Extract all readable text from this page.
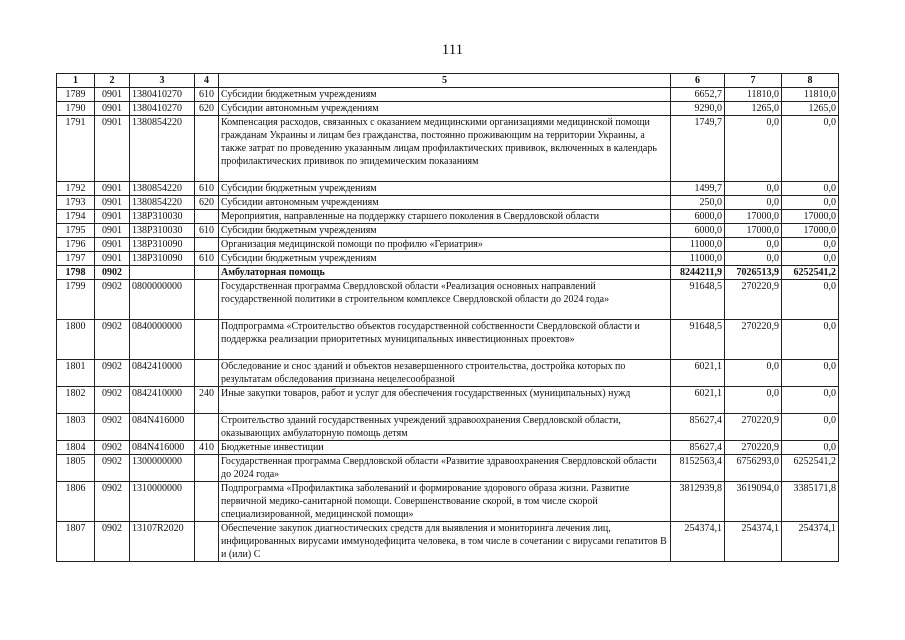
111
1	2	3	4	5	6	7	8
1789	0901	1380410270	610	Субсидии бюджетным учреждениям	6652,7	11810,0	11810,0
1790	0901	1380410270	620	Субсидии автономным учреждениям	9290,0	1265,0	1265,0
1791	0901	1380854220		Компенсация расходов, связанных с оказанием медицинскими организациями медицинской помощи гражданам Украины и лицам без гражданства, постоянно проживающим на территории Украины, а также затрат по проведению указанным лицам профилактических прививок, включенных в календарь профилактических прививок по эпидемическим показаниям	1749,7	0,0	0,0
1792	0901	1380854220	610	Субсидии бюджетным учреждениям	1499,7	0,0	0,0
1793	0901	1380854220	620	Субсидии автономным учреждениям	250,0	0,0	0,0
1794	0901	138P310030		Мероприятия, направленные на поддержку старшего поколения в Свердловской области	6000,0	17000,0	17000,0
1795	0901	138P310030	610	Субсидии бюджетным учреждениям	6000,0	17000,0	17000,0
1796	0901	138P310090		Организация медицинской помощи по профилю «Гериатрия»	11000,0	0,0	0,0
1797	0901	138P310090	610	Субсидии бюджетным учреждениям	11000,0	0,0	0,0
1798	0902			Амбулаторная помощь	8244211,9	7026513,9	6252541,2
1799	0902	0800000000		Государственная программа Свердловской области «Реализация основных направлений государственной политики в строительном комплексе Свердловской области до 2024 года»	91648,5	270220,9	0,0
1800	0902	0840000000		Подпрограмма «Строительство объектов государственной собственности Свердловской области и поддержка реализации приоритетных муниципальных инвестиционных проектов»	91648,5	270220,9	0,0
1801	0902	0842410000		Обследование и снос зданий и объектов незавершенного строительства, достройка которых по результатам обследования признана нецелесообразной	6021,1	0,0	0,0
1802	0902	0842410000	240	Иные закупки товаров, работ и услуг для обеспечения государственных (муниципальных) нужд	6021,1	0,0	0,0
1803	0902	084N416000		Строительство зданий государственных учреждений здравоохранения Свердловской области, оказывающих амбулаторную помощь детям	85627,4	270220,9	0,0
1804	0902	084N416000	410	Бюджетные инвестиции	85627,4	270220,9	0,0
1805	0902	1300000000		Государственная программа Свердловской области «Развитие здравоохранения Свердловской области до 2024 года»	8152563,4	6756293,0	6252541,2
1806	0902	1310000000		Подпрограмма «Профилактика заболеваний и формирование здорового образа жизни. Развитие первичной медико-санитарной помощи. Совершенствование скорой, в том числе скорой специализированной, медицинской помощи»	3812939,8	3619094,0	3385171,8
1807	0902	13107R2020		Обеспечение закупок диагностических средств для выявления и мониторинга лечения лиц, инфицированных вирусами иммунодефицита человека, в том числе в сочетании с вирусами гепатитов В и (или) С	254374,1	254374,1	254374,1
